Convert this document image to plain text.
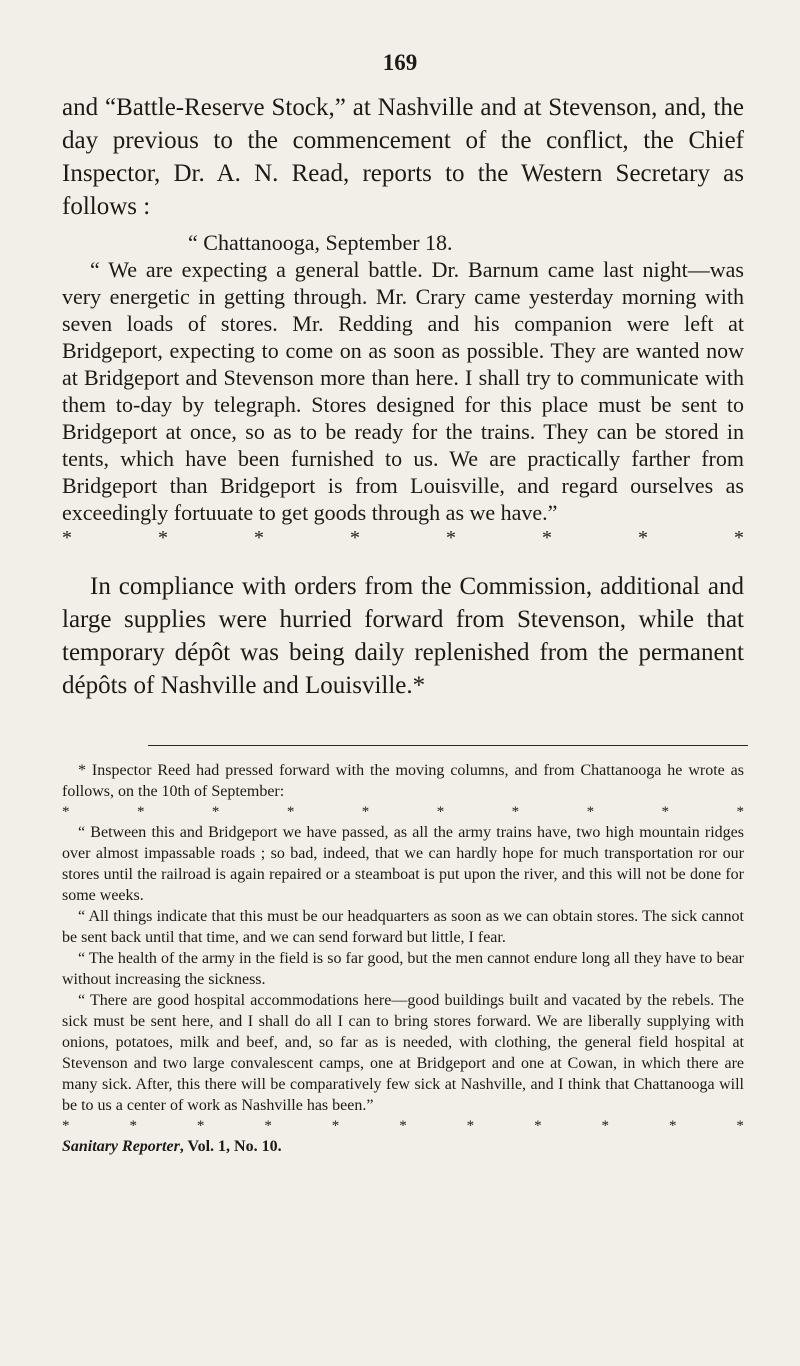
169

and “Battle-Reserve Stock,” at Nashville and at Stevenson, and, the day previous to the commencement of the conflict, the Chief Inspector, Dr. A. N. Read, reports to the Western Secretary as follows :

“ Chattanooga, September 18.

“ We are expecting a general battle. Dr. Barnum came last night—was very energetic in getting through. Mr. Crary came yesterday morning with seven loads of stores. Mr. Redding and his companion were left at Bridgeport, expecting to come on as soon as possible. They are wanted now at Bridgeport and Stevenson more than here. I shall try to communicate with them to-day by telegraph. Stores designed for this place must be sent to Bridgeport at once, so as to be ready for the trains. They can be stored in tents, which have been furnished to us. We are practically farther from Bridgeport than Bridgeport is from Louisville, and regard ourselves as exceedingly fortuuate to get goods through as we have.”

*	*	*	*	*	*	*	*

In compliance with orders from the Commission, additional and large supplies were hurried forward from Stevenson, while that temporary dépôt was being daily replenished from the permanent dépôts of Nashville and Louisville.*

* Inspector Reed had pressed forward with the moving columns, and from Chattanooga he wrote as follows, on the 10th of September:

*	*	*	*	*	*	*	*	*	*

“ Between this and Bridgeport we have passed, as all the army trains have, two high mountain ridges over almost impassable roads ; so bad, indeed, that we can hardly hope for much transportation ror our stores until the railroad is again repaired or a steamboat is put upon the river, and this will not be done for some weeks.

“ All things indicate that this must be our headquarters as soon as we can obtain stores. The sick cannot be sent back until that time, and we can send forward but little, I fear.

“ The health of the army in the field is so far good, but the men cannot endure long all they have to bear without increasing the sickness.

“ There are good hospital accommodations here—good buildings built and vacated by the rebels. The sick must be sent here, and I shall do all I can to bring stores forward. We are liberally supplying with onions, potatoes, milk and beef, and, so far as is needed, with clothing, the general field hospital at Stevenson and two large convalescent camps, one at Bridgeport and one at Cowan, in which there are many sick. After, this there will be comparatively few sick at Nashville, and I think that Chattanooga will be to us a center of work as Nashville has been.”

*	*	*	*	*	*	*	*	*	*	*

Sanitary Reporter, Vol. 1, No. 10.
